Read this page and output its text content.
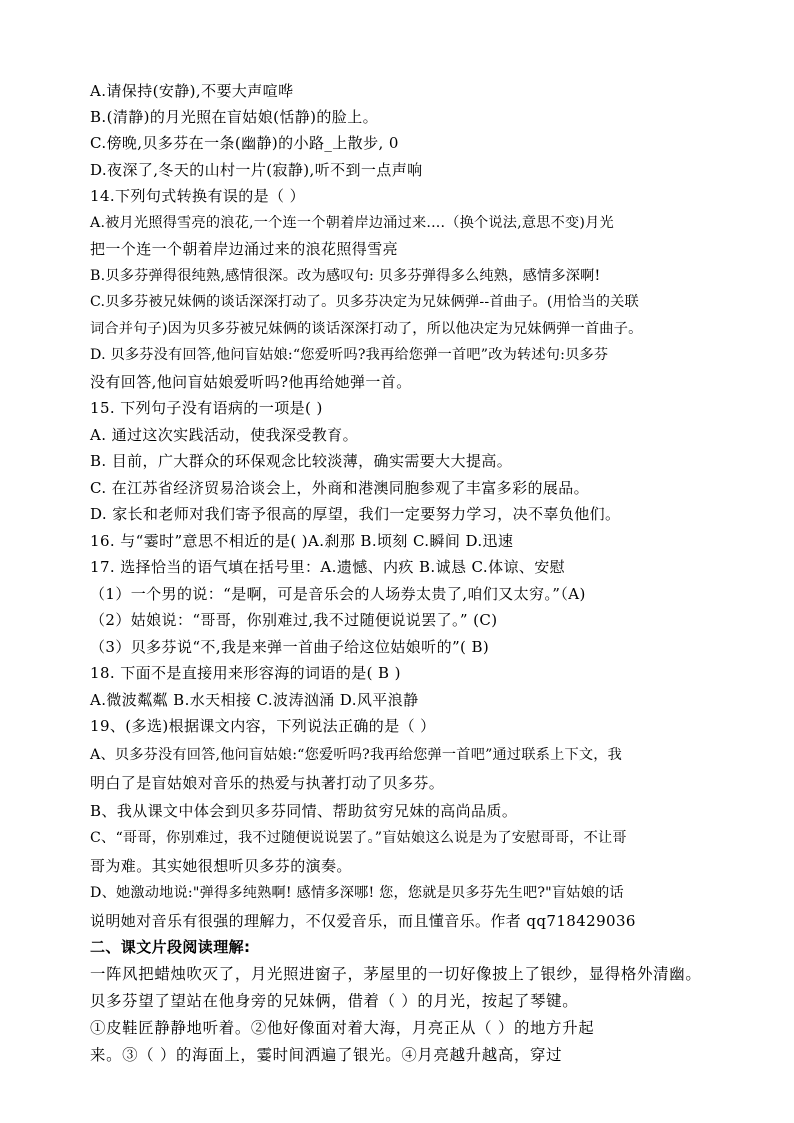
A.请保持(安静),不要大声喧哗
B.(清静)的月光照在盲姑娘(恬静)的脸上。
C.傍晚,贝多芬在一条(幽静)的小路_上散步, 0
D.夜深了,冬天的山村一片(寂静),听不到一点声响
14.下列句式转换有误的是（ ）
A.被月光照得雪亮的浪花,一个连一个朝着岸边涌过来....（换个说法,意思不变)月光
把一个连一个朝着岸边涌过来的浪花照得雪亮
B.贝多芬弹得很纯熟,感情很深。改为感叹句: 贝多芬弹得多么纯熟，感情多深啊!
C.贝多芬被兄妹俩的谈话深深打动了。贝多芬决定为兄妹俩弹--首曲子。(用恰当的关联
词合并句子)因为贝多芬被兄妹俩的谈话深深打动了，所以他决定为兄妹俩弹一首曲子。
D. 贝多芬没有回答,他问盲姑娘:“您爱听吗?我再给您弹一首吧”改为转述句:贝多芬
没有回答,他问盲姑娘爱听吗?他再给她弹一首。
15. 下列句子没有语病的一项是( )
A. 通过这次实践活动，使我深受教育。
B. 目前，广大群众的环保观念比较淡薄，确实需要大大提高。
C. 在江苏省经济贸易洽谈会上，外商和港澳同胞参观了丰富多彩的展品。
D. 家长和老师对我们寄予很高的厚望，我们一定要努力学习，决不辜负他们。
16. 与“霎时”意思不相近的是( )A.刹那 B.顷刻 C.瞬间 D.迅速
17. 选择恰当的语气填在括号里：A.遗憾、内疚 B.诚恳 C.体谅、安慰
（1）一个男的说：“是啊，可是音乐会的人场券太贵了,咱们又太穷。”（A)
（2）姑娘说：“哥哥，你别难过,我不过随便说说罢了。” (C)
（3）贝多芬说“不,我是来弹一首曲子给这位姑娘听的”( B)
18. 下面不是直接用来形容海的词语的是( B )
A.微波粼粼 B.水天相接 C.波涛汹涌 D.风平浪静
19、(多选)根据课文内容，下列说法正确的是（ ）
A、贝多芬没有回答,他问盲姑娘:“您爱听吗?我再给您弹一首吧”通过联系上下文，我
明白了是盲姑娘对音乐的热爱与执著打动了贝多芬。
B、我从课文中体会到贝多芬同情、帮助贫穷兄妹的高尚品质。
C、“哥哥，你别难过，我不过随便说说罢了。”盲姑娘这么说是为了安慰哥哥，不让哥
哥为难。其实她很想听贝多芬的演奏。
D、她激动地说:"弹得多纯熟啊! 感情多深哪! 您，您就是贝多芬先生吧?"盲姑娘的话
说明她对音乐有很强的理解力，不仅爱音乐，而且懂音乐。作者 qq718429036
二、课文片段阅读理解:
一阵风把蜡烛吹灭了，月光照进窗子，茅屋里的一切好像披上了银纱，显得格外清幽。
贝多芬望了望站在他身旁的兄妹俩，借着（ ）的月光，按起了琴键。
①皮鞋匠静静地听着。②他好像面对着大海，月亮正从（ ）的地方升起
来。③（ ）的海面上，霎时间洒遍了银光。④月亮越升越高，穿过
